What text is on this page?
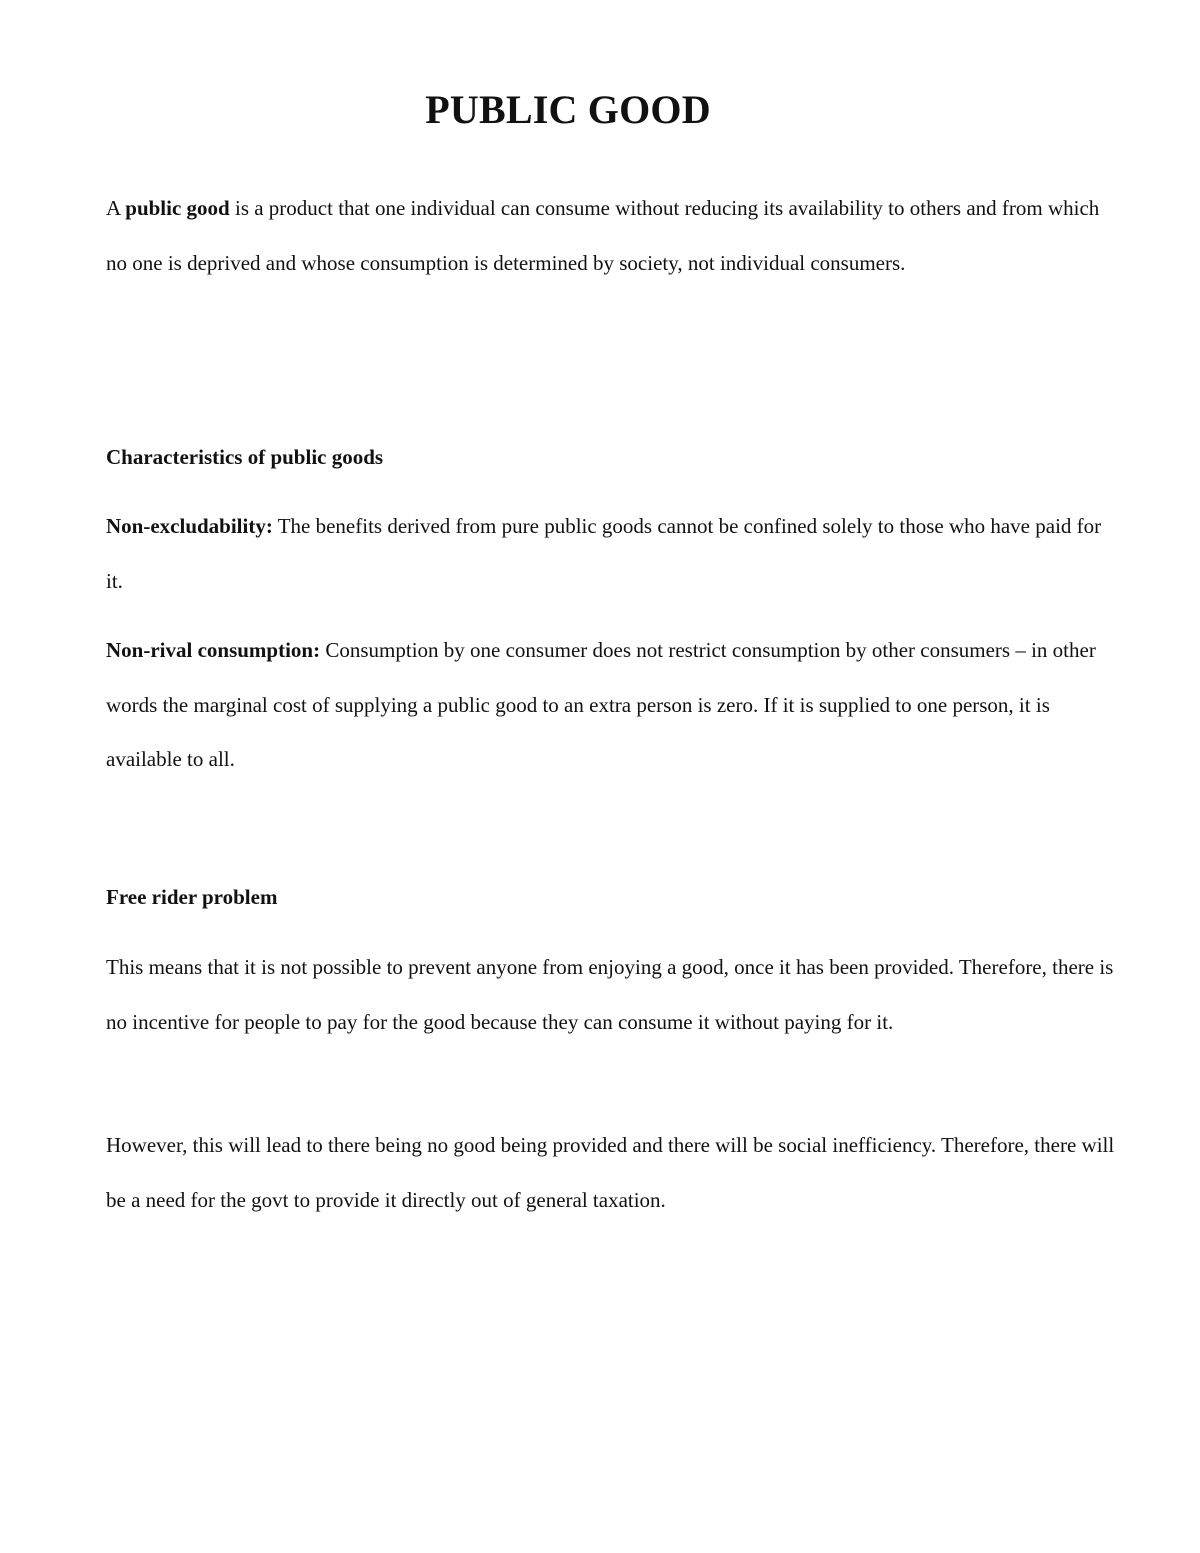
PUBLIC GOOD

A public good is a product that one individual can consume without reducing its availability to others and from which no one is deprived and whose consumption is determined by society, not individual consumers.

Characteristics of public goods

Non-excludability: The benefits derived from pure public goods cannot be confined solely to those who have paid for it.

Non-rival consumption: Consumption by one consumer does not restrict consumption by other consumers – in other words the marginal cost of supplying a public good to an extra person is zero. If it is supplied to one person, it is available to all.

Free rider problem

This means that it is not possible to prevent anyone from enjoying a good, once it has been provided. Therefore, there is no incentive for people to pay for the good because they can consume it without paying for it.

However, this will lead to there being no good being provided and there will be social inefficiency. Therefore, there will be a need for the govt to provide it directly out of general taxation.
